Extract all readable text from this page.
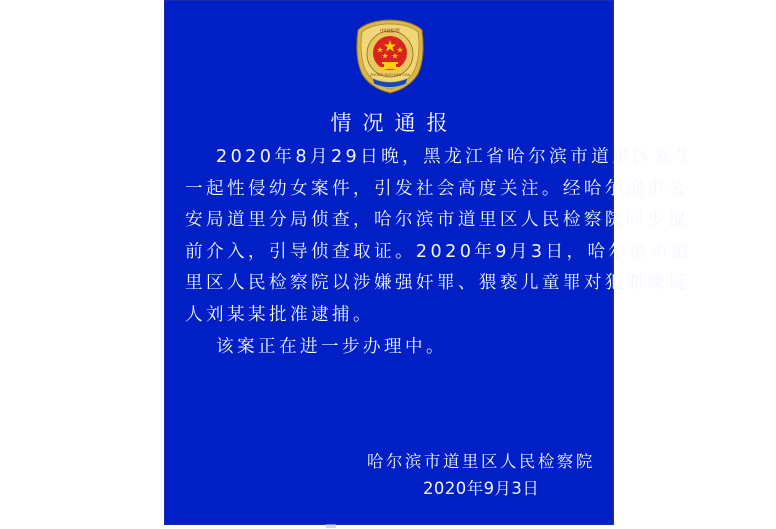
中国检察
ZHONG GUO JIAN CHA
情况通报
2020年8月29日晚，黑龙江省哈尔滨市道里区发生
一起性侵幼女案件，引发社会高度关注。经哈尔滨市公
安局道里分局侦查，哈尔滨市道里区人民检察院同步提
前介入，引导侦查取证。2020年9月3日，哈尔滨市道
里区人民检察院以涉嫌强奸罪、猥亵儿童罪对犯罪嫌疑
人刘某某批准逮捕。
该案正在进一步办理中。
哈尔滨市道里区人民检察院
2020年9月3日
